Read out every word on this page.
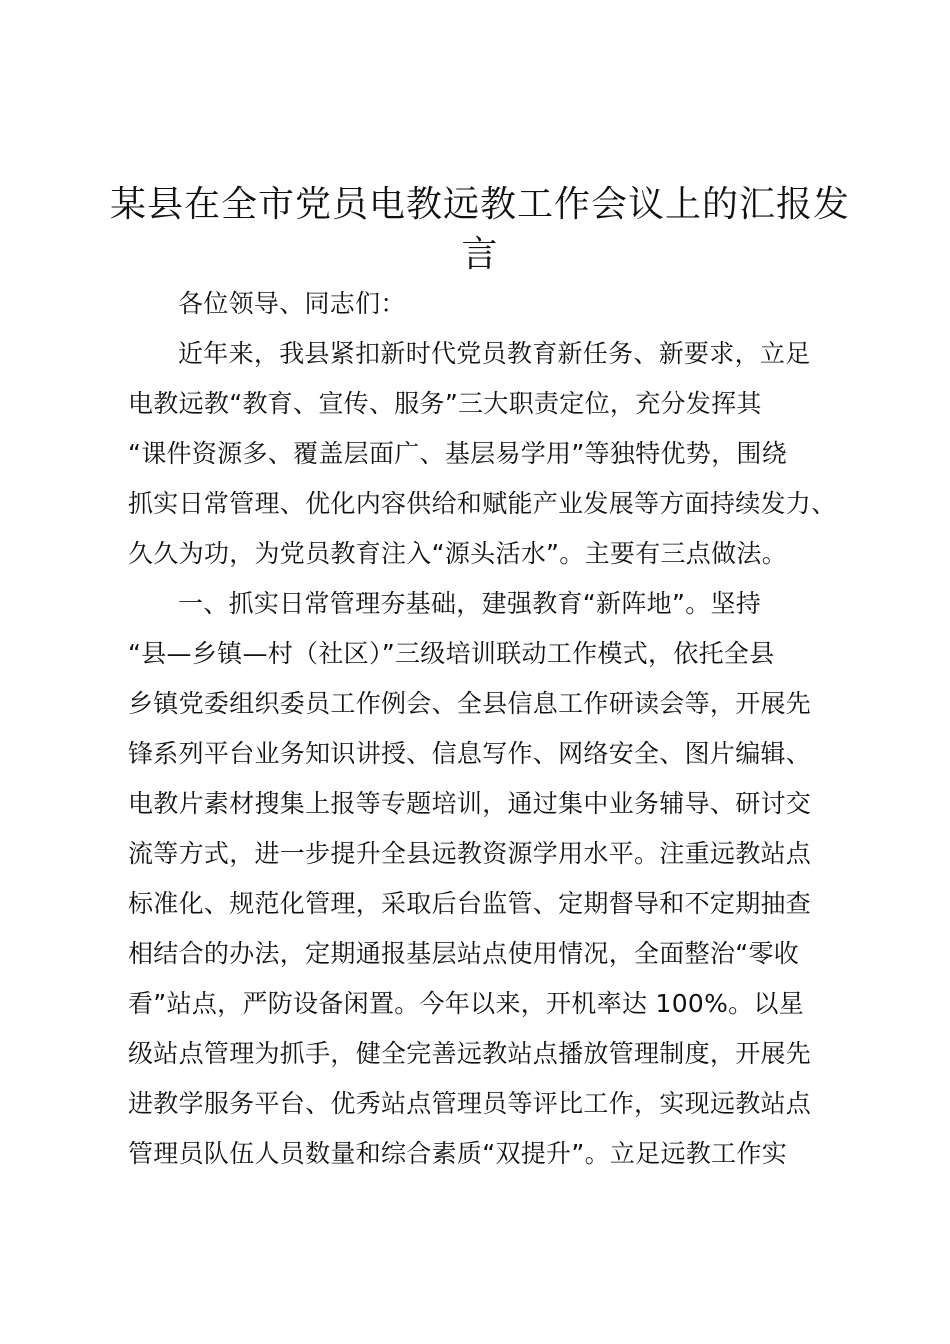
某县在全市党员电教远教工作会议上的汇报发
言
各位领导、同志们：
近年来，我县紧扣新时代党员教育新任务、新要求，立足
电教远教“教育、宣传、服务”三大职责定位，充分发挥其
“课件资源多、覆盖层面广、基层易学用”等独特优势，围绕
抓实日常管理、优化内容供给和赋能产业发展等方面持续发力、
久久为功，为党员教育注入“源头活水”。主要有三点做法。
一、抓实日常管理夯基础，建强教育“新阵地”。坚持
“县—乡镇—村（社区）”三级培训联动工作模式，依托全县
乡镇党委组织委员工作例会、全县信息工作研读会等，开展先
锋系列平台业务知识讲授、信息写作、网络安全、图片编辑、
电教片素材搜集上报等专题培训，通过集中业务辅导、研讨交
流等方式，进一步提升全县远教资源学用水平。注重远教站点
标准化、规范化管理，采取后台监管、定期督导和不定期抽查
相结合的办法，定期通报基层站点使用情况，全面整治“零收
看”站点，严防设备闲置。今年以来，开机率达 100%。以星
级站点管理为抓手，健全完善远教站点播放管理制度，开展先
进教学服务平台、优秀站点管理员等评比工作，实现远教站点
管理员队伍人员数量和综合素质“双提升”。立足远教工作实
